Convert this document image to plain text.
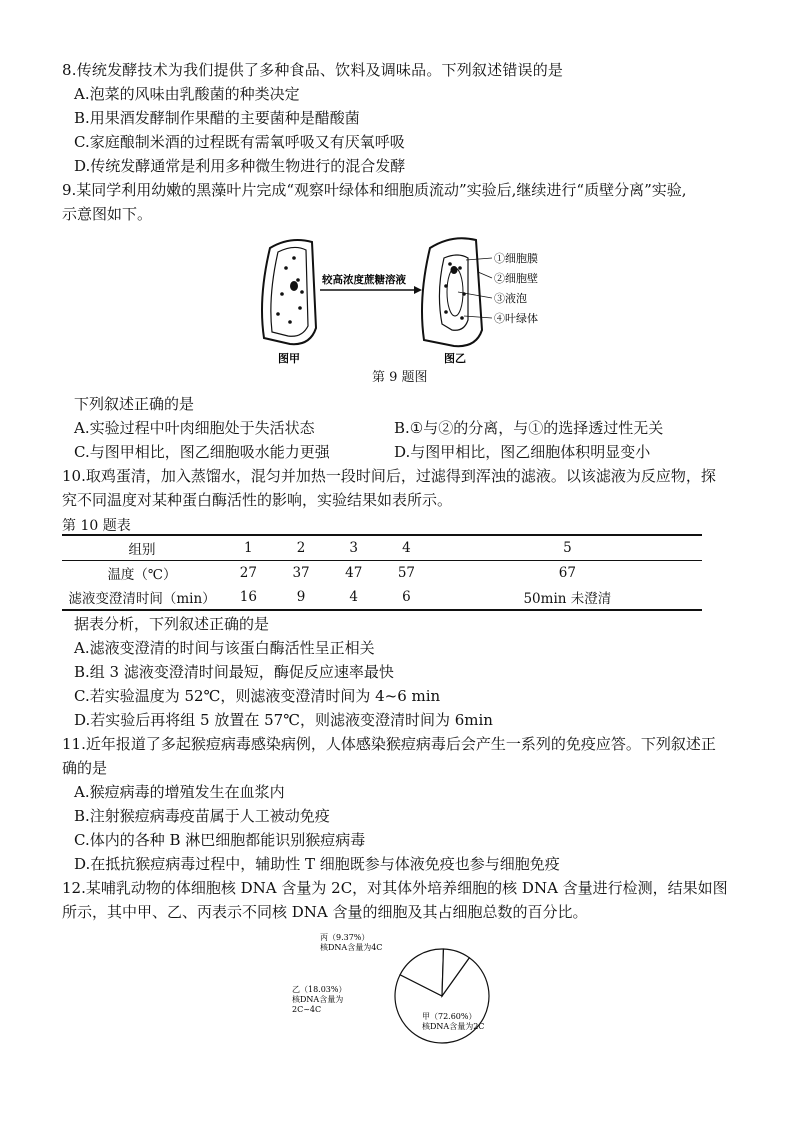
8.传统发酵技术为我们提供了多种食品、饮料及调味品。下列叙述错误的是
A.泡菜的风味由乳酸菌的种类决定
B.用果酒发酵制作果醋的主要菌种是醋酸菌
C.家庭酿制米酒的过程既有需氧呼吸又有厌氧呼吸
D.传统发酵通常是利用多种微生物进行的混合发酵
9.某同学利用幼嫩的黑藻叶片完成“观察叶绿体和细胞质流动”实验后,继续进行“质壁分离”实验,
示意图如下。
图甲
较高浓度蔗糖溶液
图乙
①细胞膜
②细胞壁
③液泡
④叶绿体
第 9 题图
下列叙述正确的是
A.实验过程中叶肉细胞处于失活状态	B.①与②的分离，与①的选择透过性无关
C.与图甲相比，图乙细胞吸水能力更强	D.与图甲相比，图乙细胞体积明显变小
10.取鸡蛋清，加入蒸馏水，混匀并加热一段时间后，过滤得到浑浊的滤液。以该滤液为反应物，探
究不同温度对某种蛋白酶活性的影响，实验结果如表所示。
第 10 题表
组别	1	2	3	4	5
温度（℃）	27	37	47	57	67
滤液变澄清时间（min）	16	9	4	6	50min 未澄清
据表分析，下列叙述正确的是
A.滤液变澄清的时间与该蛋白酶活性呈正相关
B.组 3 滤液变澄清时间最短，酶促反应速率最快
C.若实验温度为 52℃，则滤液变澄清时间为 4~6 min
D.若实验后再将组 5 放置在 57℃，则滤液变澄清时间为 6min
11.近年报道了多起猴痘病毒感染病例，人体感染猴痘病毒后会产生一系列的免疫应答。下列叙述正
确的是
A.猴痘病毒的增殖发生在血浆内
B.注射猴痘病毒疫苗属于人工被动免疫
C.体内的各种 B 淋巴细胞都能识别猴痘病毒
D.在抵抗猴痘病毒过程中，辅助性 T 细胞既参与体液免疫也参与细胞免疫
12.某哺乳动物的体细胞核 DNA 含量为 2C，对其体外培养细胞的核 DNA 含量进行检测，结果如图
所示，其中甲、乙、丙表示不同核 DNA 含量的细胞及其占细胞总数的百分比。
甲（72.60%）
核DNA含量为2C
乙（18.03%）
核DNA含量为
2C~4C
丙（9.37%）
核DNA含量为4C
